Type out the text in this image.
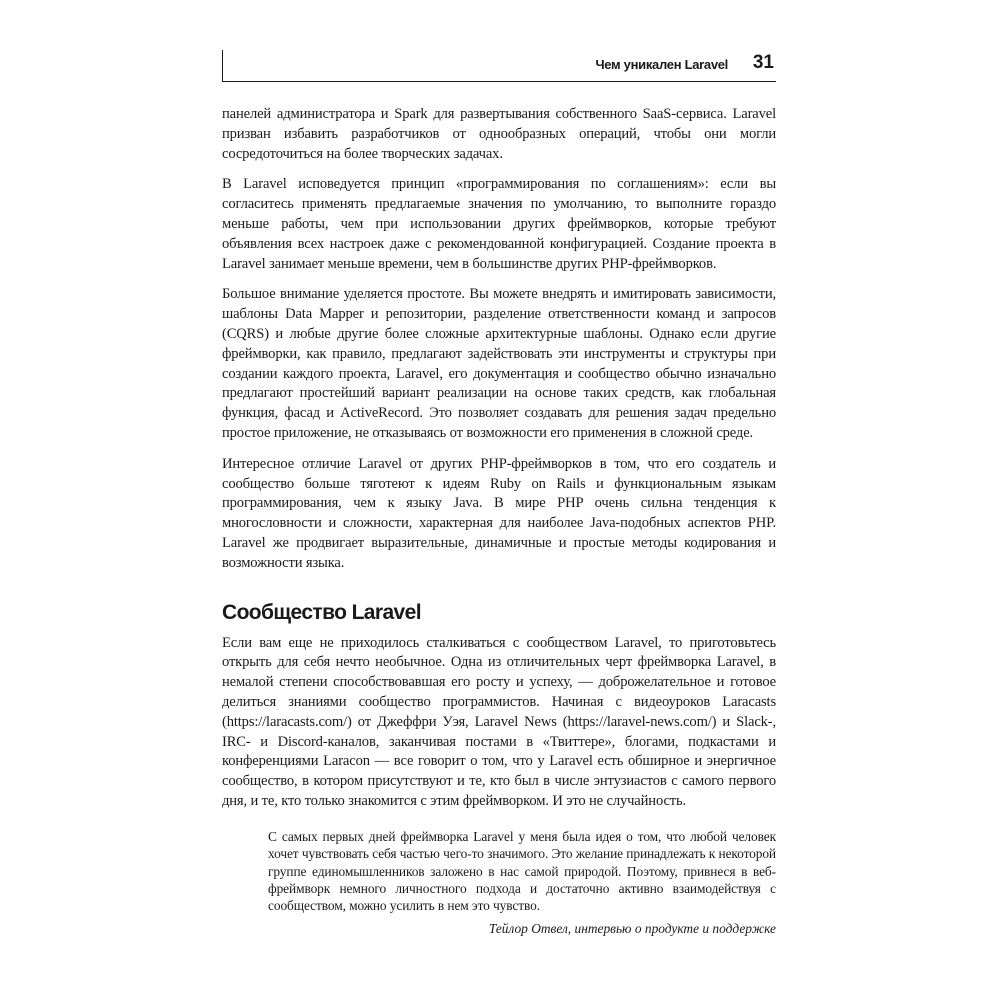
Чем уникален Laravel 31

панелей администратора и Spark для развертывания собственного SaaS-сервиса. Laravel призван избавить разработчиков от однообразных операций, чтобы они могли сосредоточиться на более творческих задачах.

В Laravel исповедуется принцип «программирования по соглашениям»: если вы согласитесь применять предлагаемые значения по умолчанию, то выполните гораздо меньше работы, чем при использовании других фреймворков, которые требуют объявления всех настроек даже с рекомендованной конфигурацией. Создание проекта в Laravel занимает меньше времени, чем в большинстве других PHP-фреймворков.

Большое внимание уделяется простоте. Вы можете внедрять и имитировать зависимости, шаблоны Data Mapper и репозитории, разделение ответственности команд и запросов (CQRS) и любые другие более сложные архитектурные шаблоны. Однако если другие фреймворки, как правило, предлагают задействовать эти инструменты и структуры при создании каждого проекта, Laravel, его документация и сообщество обычно изначально предлагают простейший вариант реализации на основе таких средств, как глобальная функция, фасад и ActiveRecord. Это позволяет создавать для решения задач предельно простое приложение, не отказываясь от возможности его применения в сложной среде.

Интересное отличие Laravel от других PHP-фреймворков в том, что его создатель и сообщество больше тяготеют к идеям Ruby on Rails и функциональным языкам программирования, чем к языку Java. В мире PHP очень сильна тенденция к многословности и сложности, характерная для наиболее Java-подобных аспектов PHP. Laravel же продвигает выразительные, динамичные и простые методы кодирования и возможности языка.

Сообщество Laravel

Если вам еще не приходилось сталкиваться с сообществом Laravel, то приготовьтесь открыть для себя нечто необычное. Одна из отличительных черт фреймворка Laravel, в немалой степени способствовавшая его росту и успеху, — доброжелательное и готовое делиться знаниями сообщество программистов. Начиная с видеоуроков Laracasts (https://laracasts.com/) от Джеффри Уэя, Laravel News (https://laravel-news.com/) и Slack-, IRC- и Discord-каналов, заканчивая постами в «Твиттере», блогами, подкастами и конференциями Laracon — все говорит о том, что у Laravel есть обширное и энергичное сообщество, в котором присутствуют и те, кто был в числе энтузиастов с самого первого дня, и те, кто только знакомится с этим фреймворком. И это не случайность.

С самых первых дней фреймворка Laravel у меня была идея о том, что любой человек хочет чувствовать себя частью чего-то значимого. Это желание принадлежать к некоторой группе единомышленников заложено в нас самой природой. Поэтому, привнеся в веб-фреймворк немного личностного подхода и достаточно активно взаимодействуя с сообществом, можно усилить в нем это чувство.

Тейлор Отвел, интервью о продукте и поддержке
